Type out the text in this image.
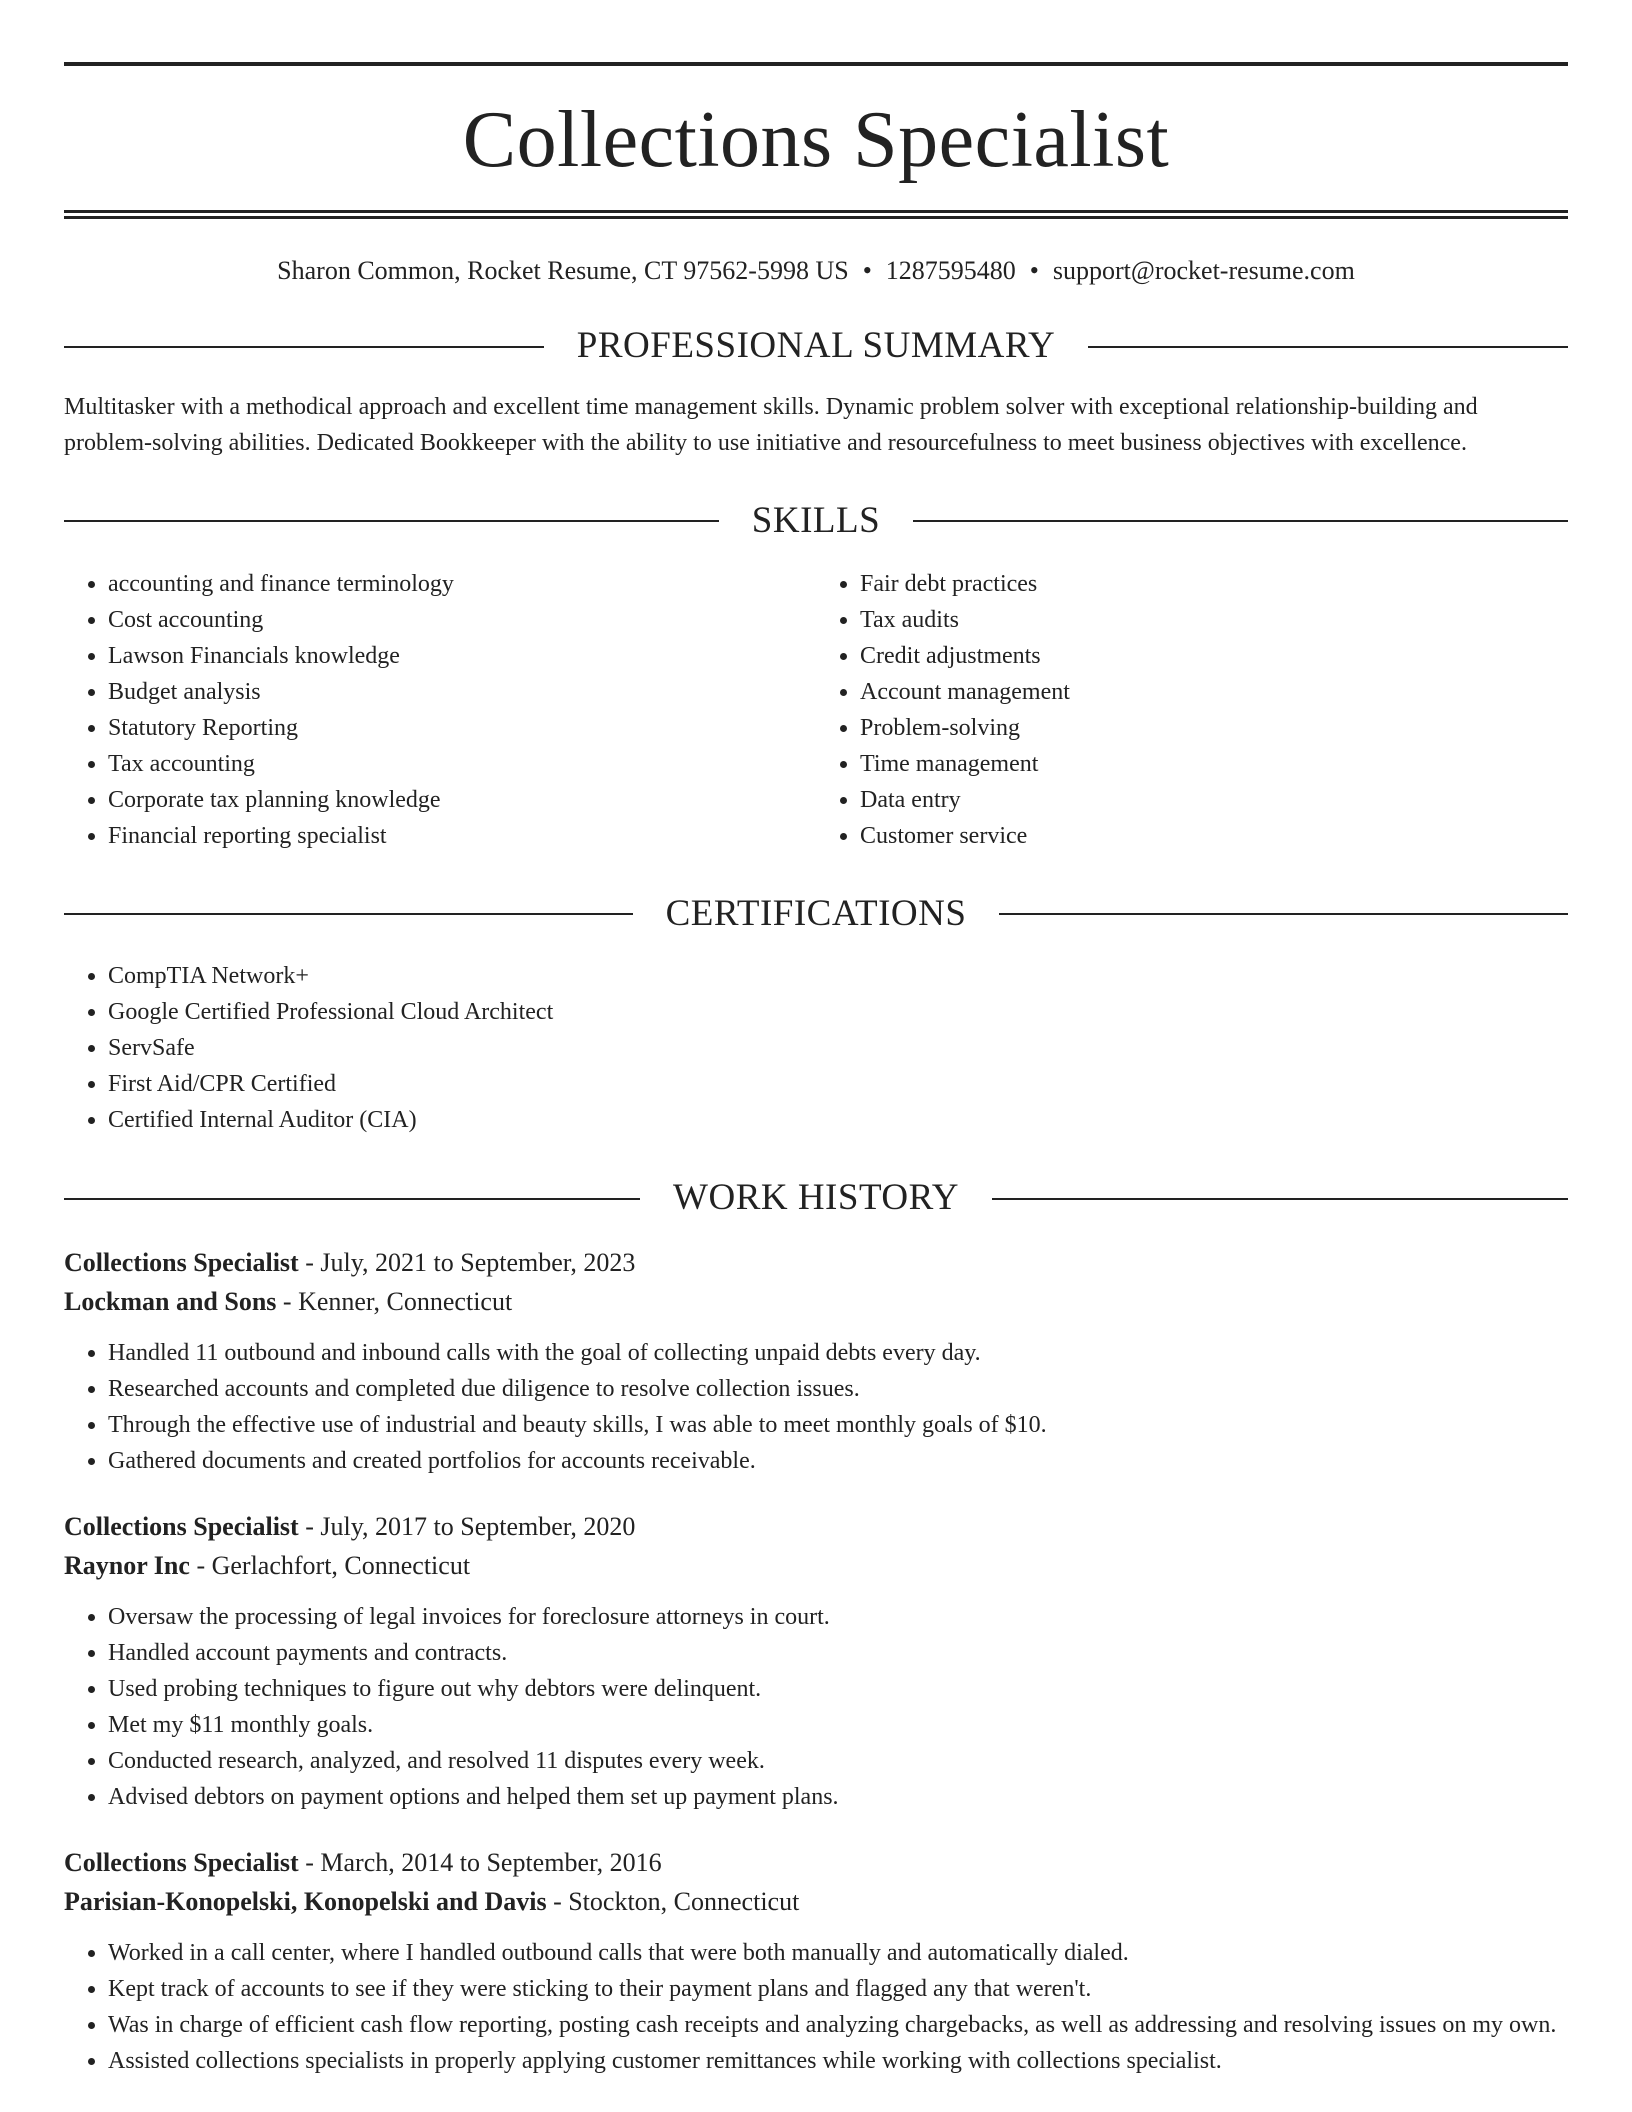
Collections Specialist
Sharon Common, Rocket Resume, CT 97562-5998 US • 1287595480 • support@rocket-resume.com
PROFESSIONAL SUMMARY
Multitasker with a methodical approach and excellent time management skills. Dynamic problem solver with exceptional relationship-building and problem-solving abilities. Dedicated Bookkeeper with the ability to use initiative and resourcefulness to meet business objectives with excellence.
SKILLS
• accounting and finance terminology
• Cost accounting
• Lawson Financials knowledge
• Budget analysis
• Statutory Reporting
• Tax accounting
• Corporate tax planning knowledge
• Financial reporting specialist
• Fair debt practices
• Tax audits
• Credit adjustments
• Account management
• Problem-solving
• Time management
• Data entry
• Customer service
CERTIFICATIONS
• CompTIA Network+
• Google Certified Professional Cloud Architect
• ServSafe
• First Aid/CPR Certified
• Certified Internal Auditor (CIA)
WORK HISTORY
Collections Specialist - July, 2021 to September, 2023
Lockman and Sons - Kenner, Connecticut
• Handled 11 outbound and inbound calls with the goal of collecting unpaid debts every day.
• Researched accounts and completed due diligence to resolve collection issues.
• Through the effective use of industrial and beauty skills, I was able to meet monthly goals of $10.
• Gathered documents and created portfolios for accounts receivable.
Collections Specialist - July, 2017 to September, 2020
Raynor Inc - Gerlachfort, Connecticut
• Oversaw the processing of legal invoices for foreclosure attorneys in court.
• Handled account payments and contracts.
• Used probing techniques to figure out why debtors were delinquent.
• Met my $11 monthly goals.
• Conducted research, analyzed, and resolved 11 disputes every week.
• Advised debtors on payment options and helped them set up payment plans.
Collections Specialist - March, 2014 to September, 2016
Parisian-Konopelski, Konopelski and Davis - Stockton, Connecticut
• Worked in a call center, where I handled outbound calls that were both manually and automatically dialed.
• Kept track of accounts to see if they were sticking to their payment plans and flagged any that weren't.
• Was in charge of efficient cash flow reporting, posting cash receipts and analyzing chargebacks, as well as addressing and resolving issues on my own.
• Assisted collections specialists in properly applying customer remittances while working with collections specialist.
